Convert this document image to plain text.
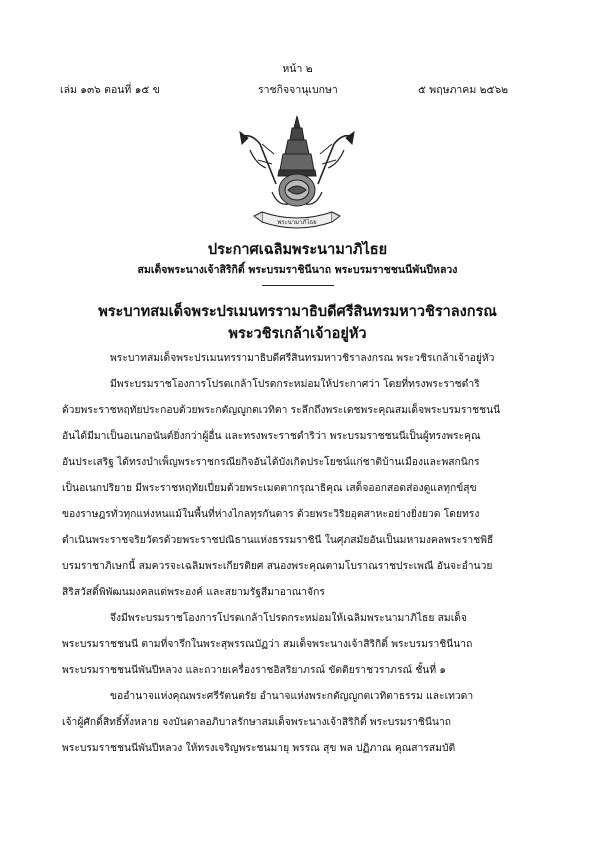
หน้า ๒
เล่ม ๑๓๖ ตอนที่ ๑๕ ข	ราชกิจจานุเบกษา	๕ พฤษภาคม ๒๕๖๒
พระนามาภิไธย
ประกาศเฉลิมพระนามาภิไธย
สมเด็จพระนางเจ้าสิริกิติ์ พระบรมราชินีนาถ พระบรมราชชนนีพันปีหลวง
พระบาทสมเด็จพระปรเมนทรรามาธิบดีศรีสินทรมหาวชิราลงกรณ
พระวชิรเกล้าเจ้าอยู่หัว
พระบาทสมเด็จพระปรเมนทรรามาธิบดีศรีสินทรมหาวชิราลงกรณ พระวชิรเกล้าเจ้าอยู่หัว
มีพระบรมราชโองการโปรดเกล้าโปรดกระหม่อมให้ประกาศว่า โดยที่ทรงพระราชดำริ
ด้วยพระราชหฤทัยประกอบด้วยพระกตัญญูกตเวทิตา ระลึกถึงพระเดชพระคุณสมเด็จพระบรมราชชนนี
อันได้มีมาเป็นอเนกอนันต์ยิ่งกว่าผู้อื่น และทรงพระราชดำริว่า พระบรมราชชนนีเป็นผู้ทรงพระคุณ
อันประเสริฐ ได้ทรงบำเพ็ญพระราชกรณียกิจอันได้บังเกิดประโยชน์แก่ชาติบ้านเมืองและพสกนิกร
เป็นอเนกปริยาย มีพระราชหฤทัยเปี่ยมด้วยพระเมตตากรุณาธิคุณ เสด็จออกสอดส่องดูแลทุกข์สุข
ของราษฎรทั่วทุกแห่งหนแม้ในพื้นที่ห่างไกลทุรกันดาร ด้วยพระวิริยอุตสาหะอย่างยิ่งยวด โดยทรง
ดำเนินพระราชจริยวัตรด้วยพระราชปณิธานแห่งธรรมราชินี ในศุภสมัยอันเป็นมหามงคลพระราชพิธี
บรมราชาภิเษกนี้ สมควรจะเฉลิมพระเกียรติยศ สนองพระคุณตามโบราณราชประเพณี อันจะอำนวย
สิริสวัสดิ์พิพัฒนมงคลแด่พระองค์ และสยามรัฐสีมาอาณาจักร
จึงมีพระบรมราชโองการโปรดเกล้าโปรดกระหม่อมให้เฉลิมพระนามาภิไธย สมเด็จ
พระบรมราชชนนี ตามที่จารึกในพระสุพรรณบัฏว่า สมเด็จพระนางเจ้าสิริกิติ์ พระบรมราชินีนาถ
พระบรมราชชนนีพันปีหลวง และถวายเครื่องราชอิสริยาภรณ์ ขัตติยราชวราภรณ์ ชั้นที่ ๑
ขออำนาจแห่งคุณพระศรีรัตนตรัย อำนาจแห่งพระกตัญญูกตเวทิตาธรรม และเทวดา
เจ้าผู้ศักดิ์สิทธิ์ทั้งหลาย จงบันดาลอภิบาลรักษาสมเด็จพระนางเจ้าสิริกิติ์ พระบรมราชินีนาถ
พระบรมราชชนนีพันปีหลวง ให้ทรงเจริญพระชนมายุ พรรณ สุข พล ปฏิภาณ คุณสารสมบัติ
